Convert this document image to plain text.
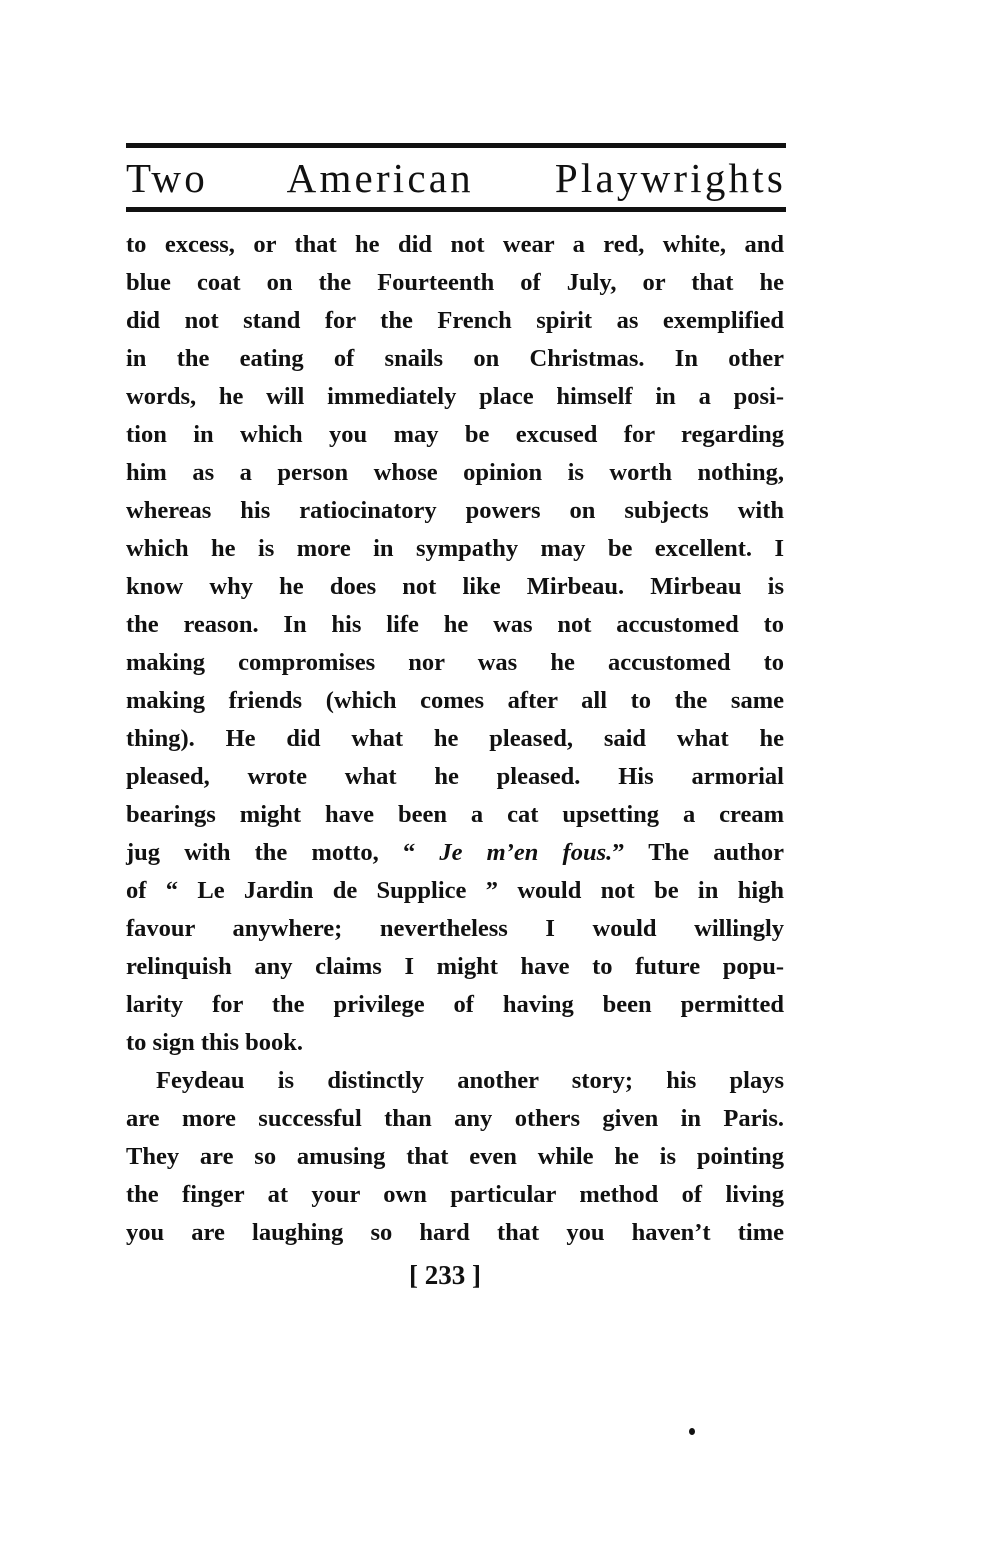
Two American Playwrights
to excess, or that he did not wear a red, white, and
blue coat on the Fourteenth of July, or that he
did not stand for the French spirit as exemplified
in the eating of snails on Christmas. In other
words, he will immediately place himself in a posi-
tion in which you may be excused for regarding
him as a person whose opinion is worth nothing,
whereas his ratiocinatory powers on subjects with
which he is more in sympathy may be excellent. I
know why he does not like Mirbeau. Mirbeau is
the reason. In his life he was not accustomed to
making compromises nor was he accustomed to
making friends (which comes after all to the same
thing). He did what he pleased, said what he
pleased, wrote what he pleased. His armorial
bearings might have been a cat upsetting a cream
jug with the motto, “ Je m’en fous.” The author
of “ Le Jardin de Supplice ” would not be in high
favour anywhere; nevertheless I would willingly
relinquish any claims I might have to future popu-
larity for the privilege of having been permitted
to sign this book.
Feydeau is distinctly another story; his plays
are more successful than any others given in Paris.
They are so amusing that even while he is pointing
the finger at your own particular method of living
you are laughing so hard that you haven’t time
[ 233 ]
